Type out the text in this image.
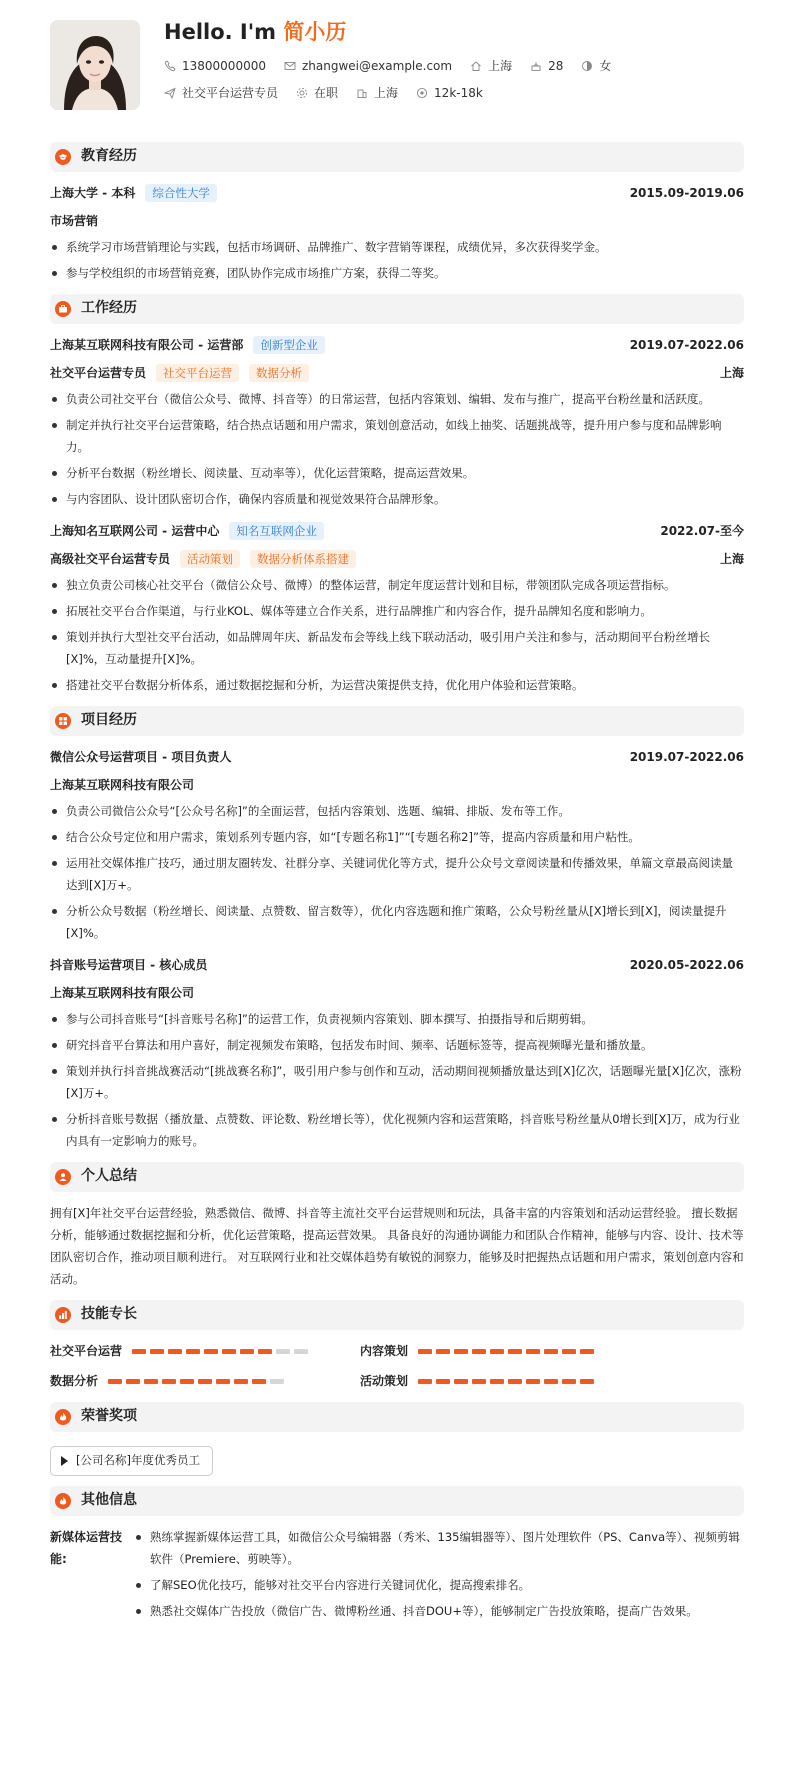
Hello. I'm 简小历
13800000000	zhangwei@example.com	上海	28	女
社交平台运营专员	在职	上海	12k-18k
教育经历
上海大学 - 本科	综合性大学	2015.09-2019.06
市场营销
系统学习市场营销理论与实践，包括市场调研、品牌推广、数字营销等课程，成绩优异，多次获得奖学金。
参与学校组织的市场营销竞赛，团队协作完成市场推广方案，获得二等奖。
工作经历
上海某互联网科技有限公司 - 运营部	创新型企业	2019.07-2022.06
社交平台运营专员	社交平台运营	数据分析	上海
负责公司社交平台（微信公众号、微博、抖音等）的日常运营，包括内容策划、编辑、发布与推广，提高平台粉丝量和活跃度。
制定并执行社交平台运营策略，结合热点话题和用户需求，策划创意活动，如线上抽奖、话题挑战等，提升用户参与度和品牌影响力。
分析平台数据（粉丝增长、阅读量、互动率等），优化运营策略，提高运营效果。
与内容团队、设计团队密切合作，确保内容质量和视觉效果符合品牌形象。
上海知名互联网公司 - 运营中心	知名互联网企业	2022.07-至今
高级社交平台运营专员	活动策划	数据分析体系搭建	上海
独立负责公司核心社交平台（微信公众号、微博）的整体运营，制定年度运营计划和目标，带领团队完成各项运营指标。
拓展社交平台合作渠道，与行业KOL、媒体等建立合作关系，进行品牌推广和内容合作，提升品牌知名度和影响力。
策划并执行大型社交平台活动，如品牌周年庆、新品发布会等线上线下联动活动，吸引用户关注和参与，活动期间平台粉丝增长[X]%，互动量提升[X]%。
搭建社交平台数据分析体系，通过数据挖掘和分析，为运营决策提供支持，优化用户体验和运营策略。
项目经历
微信公众号运营项目 - 项目负责人	2019.07-2022.06
上海某互联网科技有限公司
负责公司微信公众号“[公众号名称]”的全面运营，包括内容策划、选题、编辑、排版、发布等工作。
结合公众号定位和用户需求，策划系列专题内容，如“[专题名称1]”“[专题名称2]”等，提高内容质量和用户粘性。
运用社交媒体推广技巧，通过朋友圈转发、社群分享、关键词优化等方式，提升公众号文章阅读量和传播效果，单篇文章最高阅读量达到[X]万+。
分析公众号数据（粉丝增长、阅读量、点赞数、留言数等），优化内容选题和推广策略，公众号粉丝量从[X]增长到[X]，阅读量提升[X]%。
抖音账号运营项目 - 核心成员	2020.05-2022.06
上海某互联网科技有限公司
参与公司抖音账号“[抖音账号名称]”的运营工作，负责视频内容策划、脚本撰写、拍摄指导和后期剪辑。
研究抖音平台算法和用户喜好，制定视频发布策略，包括发布时间、频率、话题标签等，提高视频曝光量和播放量。
策划并执行抖音挑战赛活动“[挑战赛名称]”，吸引用户参与创作和互动，活动期间视频播放量达到[X]亿次，话题曝光量[X]亿次，涨粉[X]万+。
分析抖音账号数据（播放量、点赞数、评论数、粉丝增长等），优化视频内容和运营策略，抖音账号粉丝量从0增长到[X]万，成为行业内具有一定影响力的账号。
个人总结

拥有[X]年社交平台运营经验，熟悉微信、微博、抖音等主流社交平台运营规则和玩法，具备丰富的内容策划和活动运营经验。 擅长数据分析，能够通过数据挖掘和分析，优化运营策略，提高运营效果。 具备良好的沟通协调能力和团队合作精神，能够与内容、设计、技术等团队密切合作，推动项目顺利进行。 对互联网行业和社交媒体趋势有敏锐的洞察力，能够及时把握热点话题和用户需求，策划创意内容和活动。

技能专长
社交平台运营	内容策划
数据分析	活动策划
荣誉奖项
[公司名称]年度优秀员工
其他信息
新媒体运营技能:
熟练掌握新媒体运营工具，如微信公众号编辑器（秀米、135编辑器等）、图片处理软件（PS、Canva等）、视频剪辑软件（Premiere、剪映等）。
了解SEO优化技巧，能够对社交平台内容进行关键词优化，提高搜索排名。
熟悉社交媒体广告投放（微信广告、微博粉丝通、抖音DOU+等），能够制定广告投放策略，提高广告效果。
